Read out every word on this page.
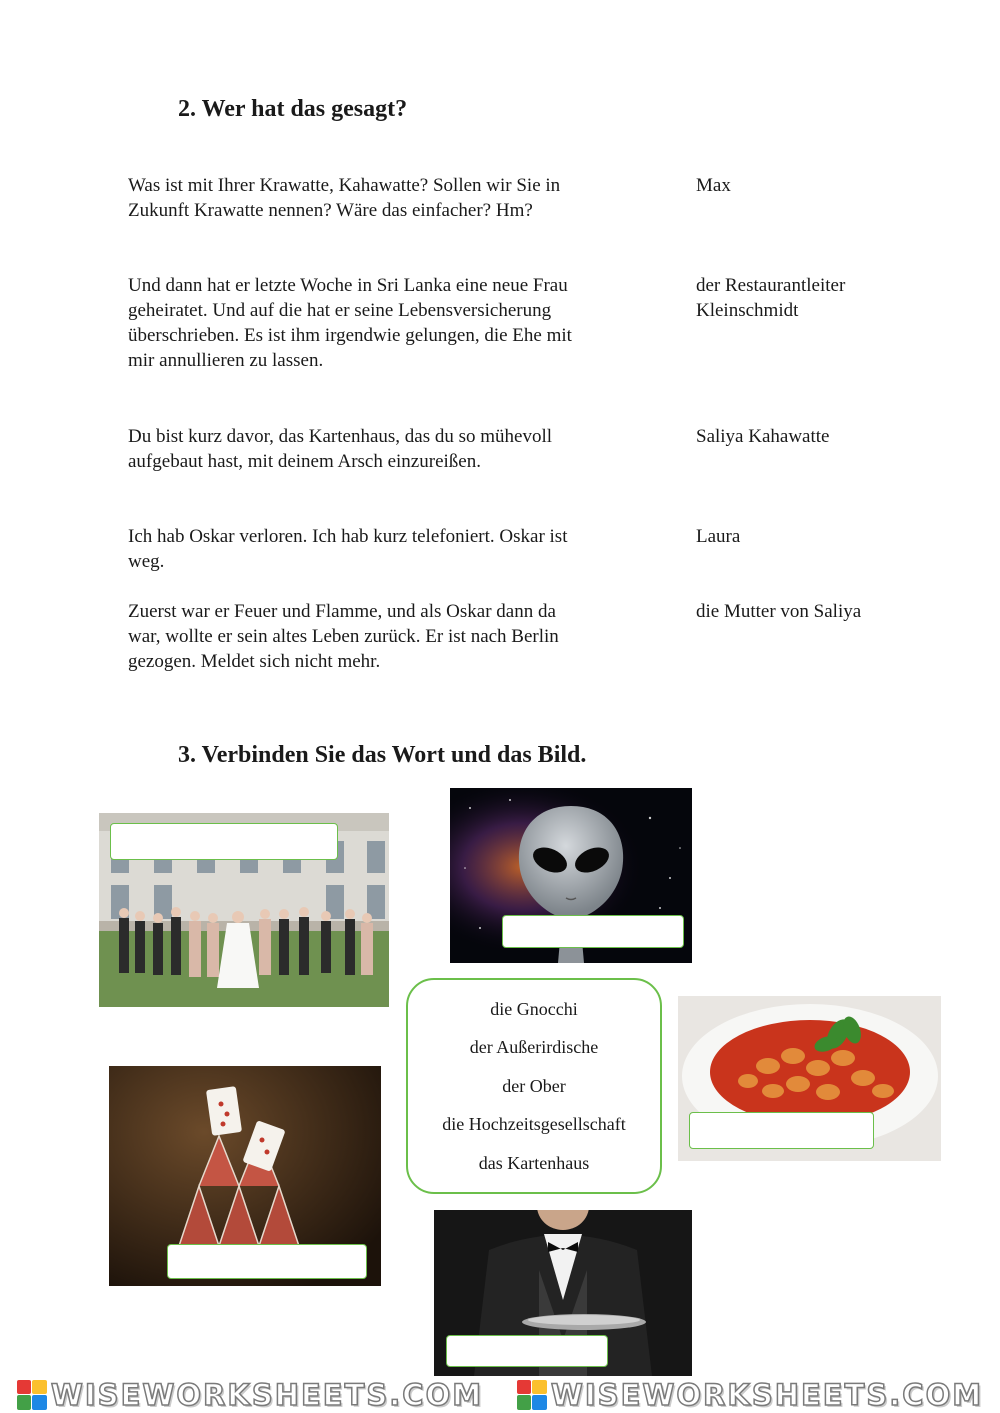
2. Wer hat das gesagt?
Was ist mit Ihrer Krawatte, Kahawatte? Sollen wir Sie in Zukunft Krawatte nennen? Wäre das einfacher? Hm?
Und dann hat er letzte Woche in Sri Lanka eine neue Frau geheiratet. Und auf die hat er seine Lebensversicherung überschrieben. Es ist ihm irgendwie gelungen, die Ehe mit mir annullieren zu lassen.
Du bist kurz davor, das Kartenhaus, das du so mühevoll aufgebaut hast, mit deinem Arsch einzureißen.
Ich hab Oskar verloren. Ich hab kurz telefoniert. Oskar ist weg.
Zuerst war er Feuer und Flamme, und als Oskar dann da war, wollte er sein altes Leben zurück. Er ist nach Berlin gezogen. Meldet sich nicht mehr.
Max
der Restaurantleiter Kleinschmidt
Saliya Kahawatte
Laura
die Mutter von Saliya
3. Verbinden Sie das Wort und das Bild.
die Gnocchi
der Außerirdische
der Ober
die Hochzeitsgesellschaft
das Kartenhaus
WISEWORKSHEETS.COM WISEWORKSHEETS.COM
